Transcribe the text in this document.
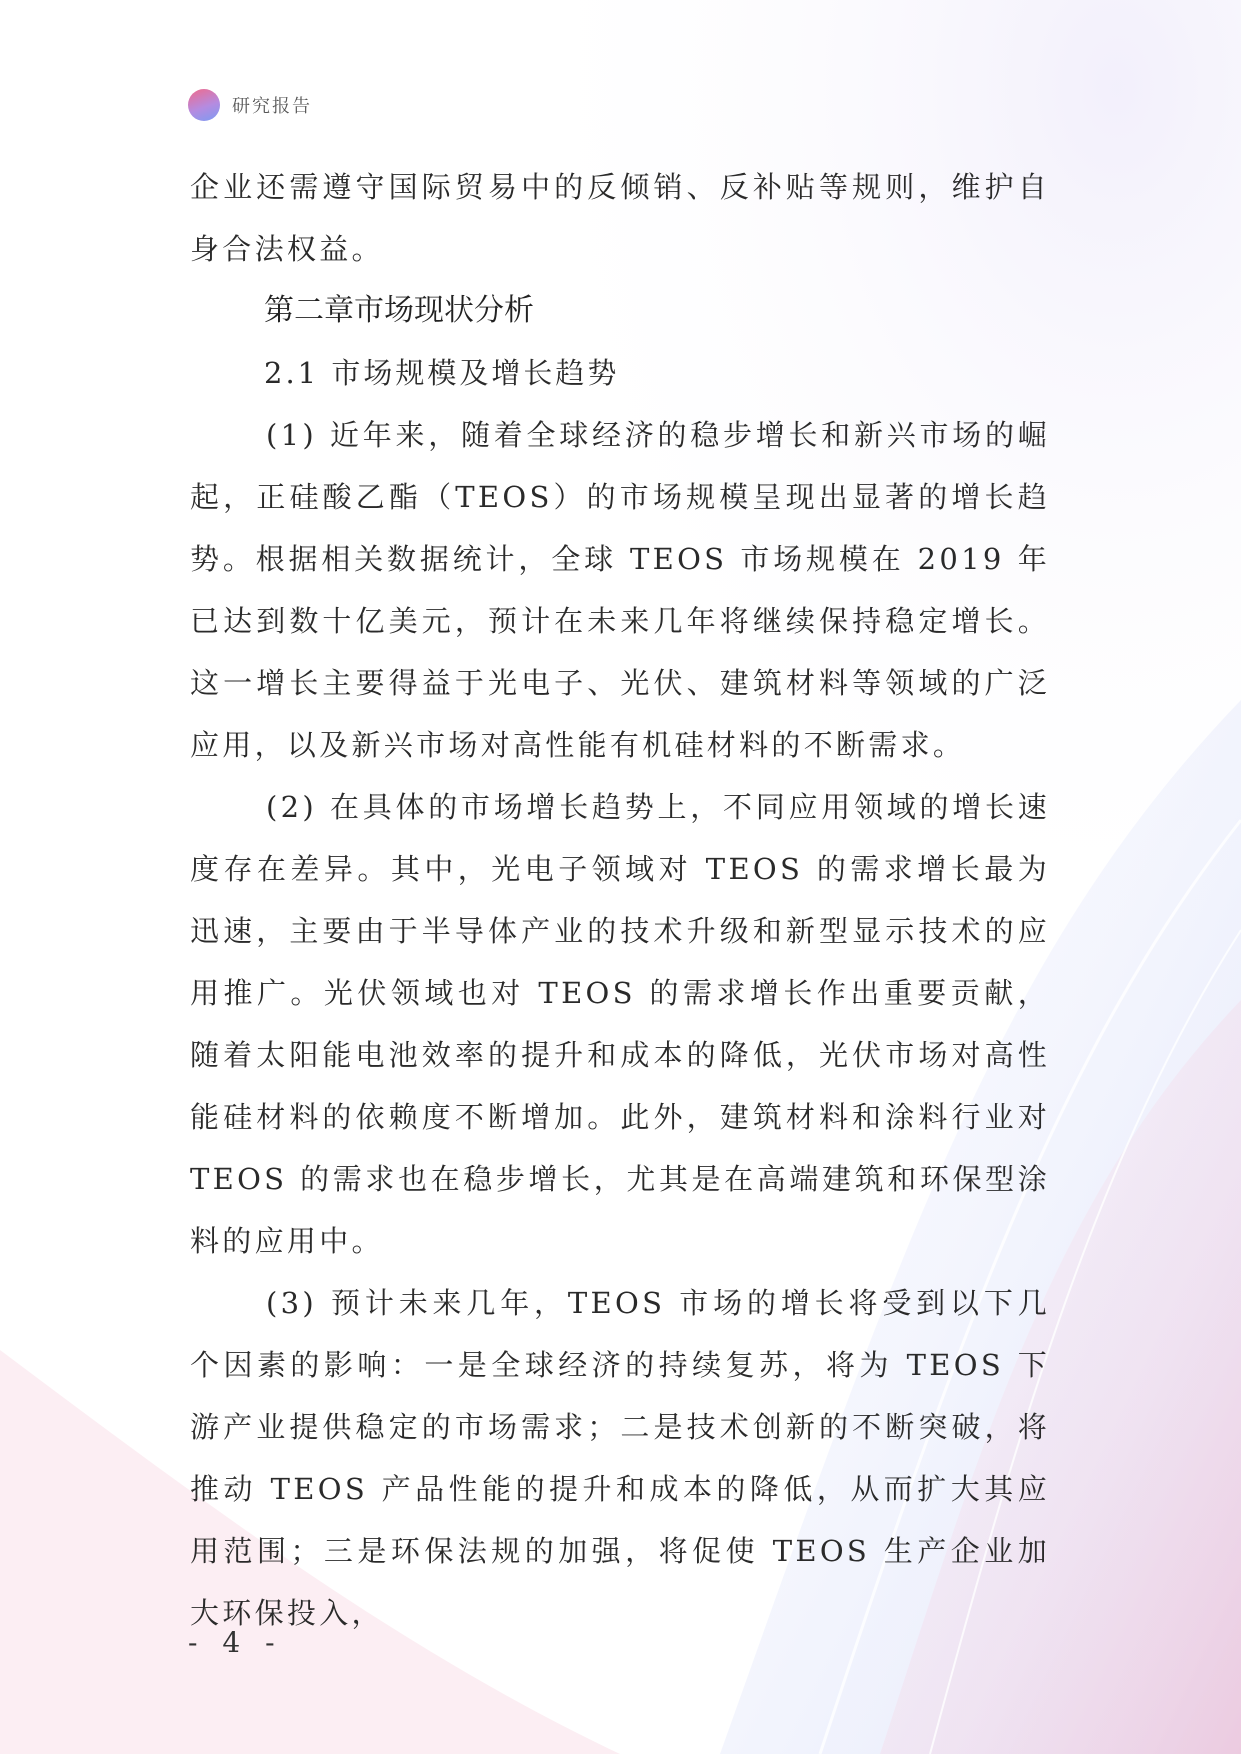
研究报告

企业还需遵守国际贸易中的反倾销、反补贴等规则，维护自身合法权益。

第二章市场现状分析

2.1 市场规模及增长趋势

(1) 近年来，随着全球经济的稳步增长和新兴市场的崛起，正硅酸乙酯（TEOS）的市场规模呈现出显著的增长趋势。根据相关数据统计，全球 TEOS 市场规模在 2019 年已达到数十亿美元，预计在未来几年将继续保持稳定增长。这一增长主要得益于光电子、光伏、建筑材料等领域的广泛应用，以及新兴市场对高性能有机硅材料的不断需求。

(2) 在具体的市场增长趋势上，不同应用领域的增长速度存在差异。其中，光电子领域对 TEOS 的需求增长最为迅速，主要由于半导体产业的技术升级和新型显示技术的应用推广。光伏领域也对 TEOS 的需求增长作出重要贡献，随着太阳能电池效率的提升和成本的降低，光伏市场对高性能硅材料的依赖度不断增加。此外，建筑材料和涂料行业对 TEOS 的需求也在稳步增长，尤其是在高端建筑和环保型涂料的应用中。

(3) 预计未来几年，TEOS 市场的增长将受到以下几个因素的影响：一是全球经济的持续复苏，将为 TEOS 下游产业提供稳定的市场需求；二是技术创新的不断突破，将推动 TEOS 产品性能的提升和成本的降低，从而扩大其应用范围；三是环保法规的加强，将促使 TEOS 生产企业加大环保投入，

- 4 -
